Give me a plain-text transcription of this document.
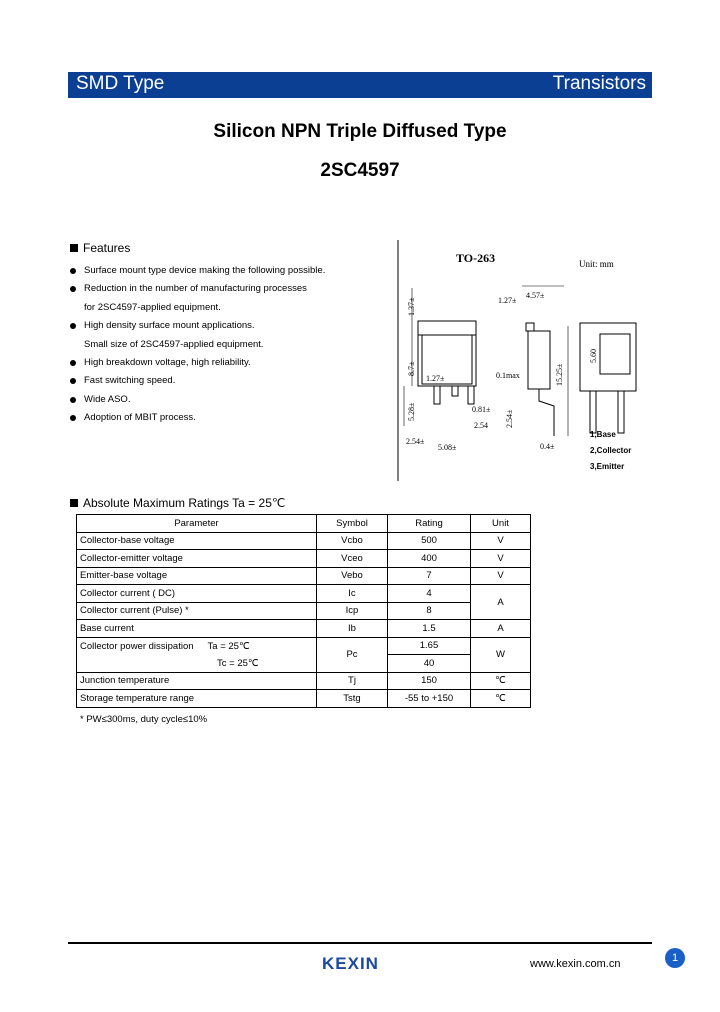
SMD Type	Transistors
Silicon NPN Triple Diffused Type
2SC4597
Features
Surface mount type device making the following possible.
Reduction in the number of manufacturing processes
for 2SC4597-applied equipment.
High density surface mount applications.
Small size of 2SC4597-applied equipment.
High breakdown voltage, high reliability.
Fast switching speed.
Wide ASO.
Adoption of MBIT process.
TO-263	Unit: mm
1.27±
4.57±
1.37±
8.7±
1.27±	0.1max	15.25±
5.60
5.28±
2.54±
2.54
0.81±
5.08±
2.54±
0.4±
1,Base
2,Collector
3,Emitter
Absolute Maximum Ratings Ta = 25℃
Parameter	Symbol	Rating	Unit
Collector-base voltage	Vcbo	500	V
Collector-emitter voltage	Vceo	400	V
Emitter-base voltage	Vebo	7	V
Collector current ( DC)	Ic	4	A
Collector current (Pulse) *	Icp	8	
Base current	Ib	1.5	A
Collector power dissipation Ta = 25℃	Pc	1.65	W
Tc = 25℃		40	
Junction temperature	Tj	150	℃
Storage temperature range	Tstg	-55 to +150	℃
* PW≤300ms, duty cycle≤10%
KEXIN	www.kexin.com.cn	1
